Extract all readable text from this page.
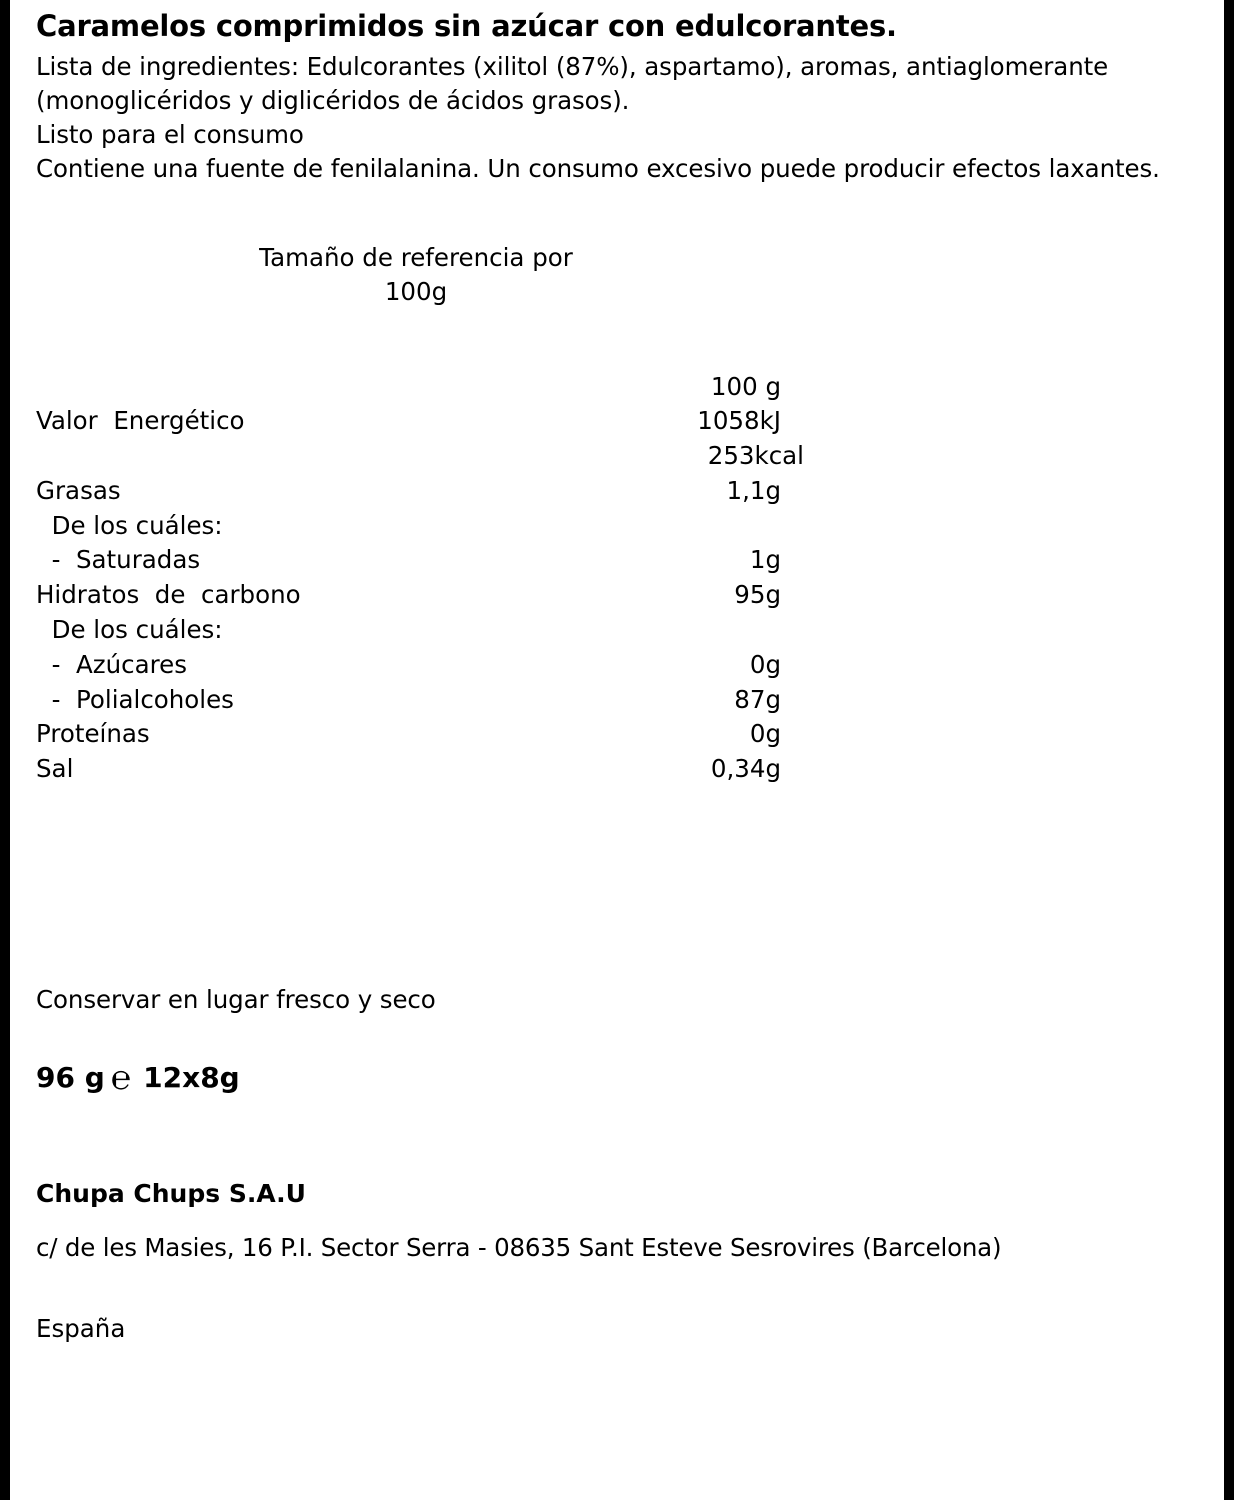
Caramelos comprimidos sin azúcar con edulcorantes.

Lista de ingredientes: Edulcorantes (xilitol (87%), aspartamo), aromas, antiaglomerante (monoglicéridos y diglicéridos de ácidos grasos).

Listo para el consumo

Contiene una fuente de fenilalanina. Un consumo excesivo puede producir efectos laxantes.

Tamaño de referencia por
100g

100 g
Valor  Energético	1058kJ
253kcal
Grasas	1,1g
De los cuáles:
-  Saturadas	1g
Hidratos  de  carbono	95g
De los cuáles:
-  Azúcares	0g
-  Polialcoholes	87g
Proteínas	0g
Sal	0,34g

Conservar en lugar fresco y seco

96 g ℮ 12x8g

Chupa Chups S.A.U

c/ de les Masies, 16 P.I. Sector Serra - 08635 Sant Esteve Sesrovires (Barcelona)

España
